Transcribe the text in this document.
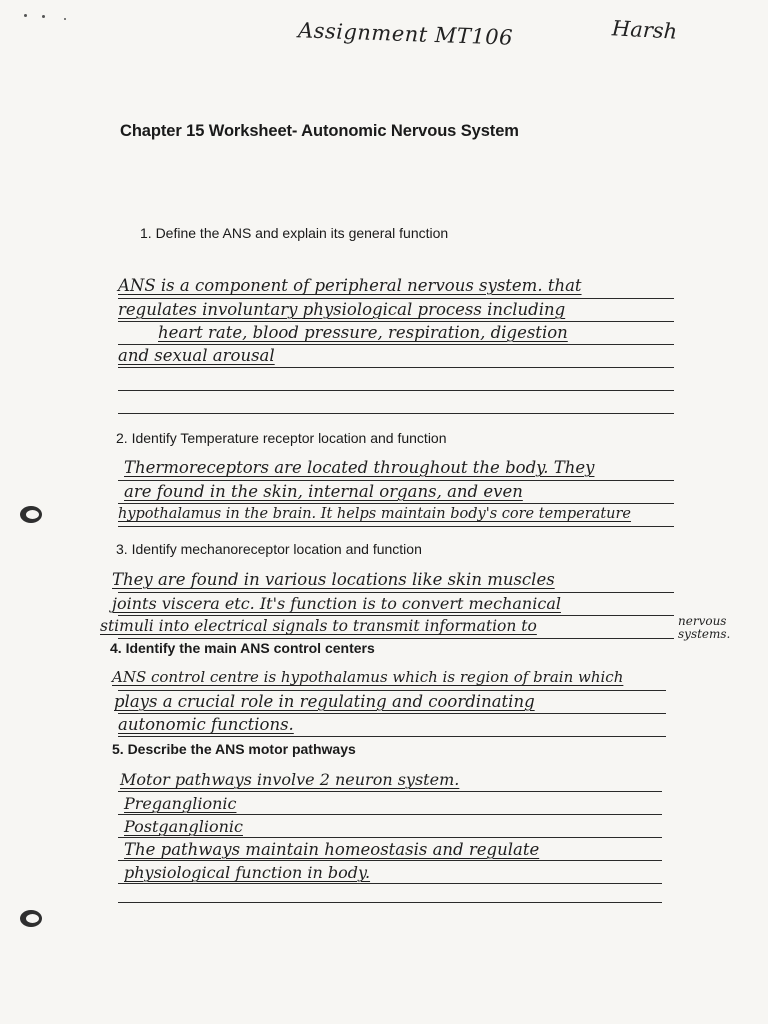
Assignment MT106	Harsh
Chapter 15 Worksheet- Autonomic Nervous System
1. Define the ANS and explain its general function
ANS is a component of peripheral nervous system. that
regulates involuntary physiological process including
heart rate, blood pressure, respiration, digestion
and sexual arousal
2. Identify Temperature receptor location and function
Thermoreceptors are located throughout the body. They
are found in the skin, internal organs, and even
hypothalamus in the brain. It helps maintain body's core temperature
3. Identify mechanoreceptor location and function
They are found in various locations like skin muscles
joints viscera etc. It's function is to convert mechanical
stimuli into electrical signals to transmit information to	nervous
systems.
4. Identify the main ANS control centers
ANS control centre is hypothalamus which is region of brain which
plays a crucial role in regulating and coordinating
autonomic functions.
5. Describe the ANS motor pathways
Motor pathways involve 2 neuron system.
Preganglionic
Postganglionic
The pathways maintain homeostasis and regulate
physiological function in body.
